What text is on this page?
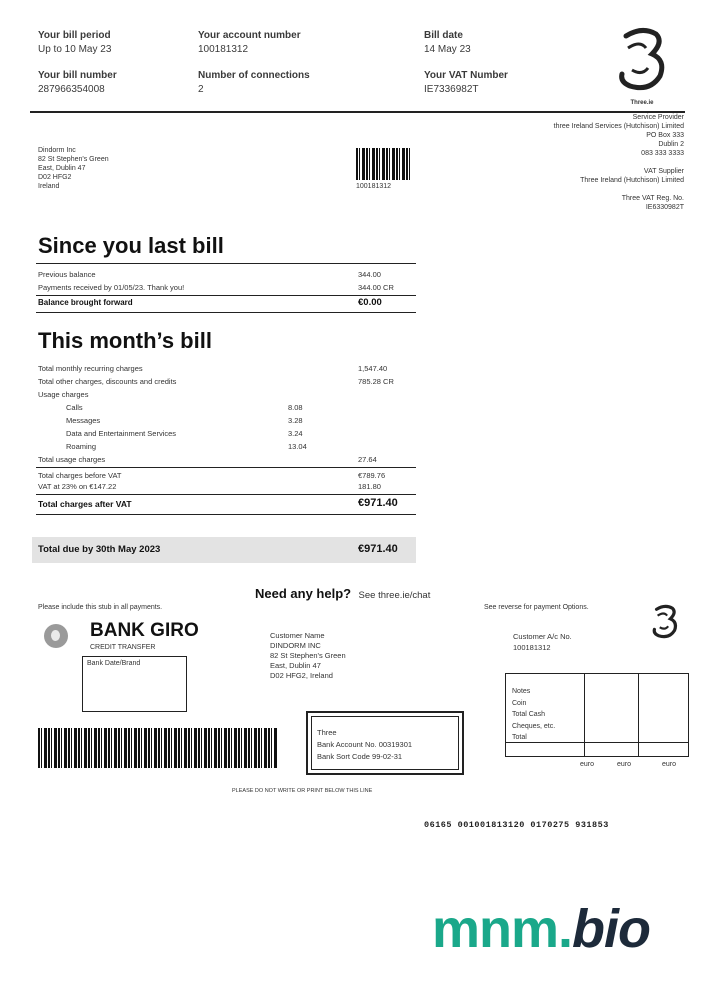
Your bill period
Up to 10 May 23
Your account number
100181312
Bill date
14 May 23
Your bill number
287966354008
Number of connections
2
Your VAT Number
IE7336982T
Three.ie
Dindorm Inc
82 St Stephen's Green
East, Dublin 47
D02 HFG2
Ireland	100181312
Service Provider
three Ireland Services (Hutchison) Limited
PO Box 333
Dublin 2
083 333 3333
VAT Supplier
Three Ireland (Hutchison) Limited
Three VAT Reg. No.
IE6330982T
Since you last bill
Previous balance	344.00
Payments received by 01/05/23. Thank you!	344.00 CR
Balance brought forward	€0.00
This month’s bill
Total monthly recurring charges	1,547.40
Total other charges, discounts and credits	785.28 CR
Usage charges
Calls	8.08
Messages	3.28
Data and Entertainment Services	3.24
Roaming	13.04
Total usage charges	27.64
Total charges before VAT	€789.76
VAT at 23% on €147.22	181.80
Total charges after VAT	€971.40
Total due by 30th May 2023	€971.40
Need any help? See three.ie/chat
Please include this stub in all payments.	See reverse for payment Options.
BANK GIRO
CREDIT TRANSFER
Bank Date/Brand
Customer Name
DINDORM INC
82 St Stephen's Green
East, Dublin 47
D02 HFG2, Ireland
Customer A/c No.
100181312
Notes
Coin
Total Cash
Cheques, etc.
Total
euro	euro	euro
Three
Bank Account No. 00319301
Bank Sort Code 99-02-31
PLEASE DO NOT WRITE OR PRINT BELOW THIS LINE
06165 001001813120 0170275 931853
mnm.bio
